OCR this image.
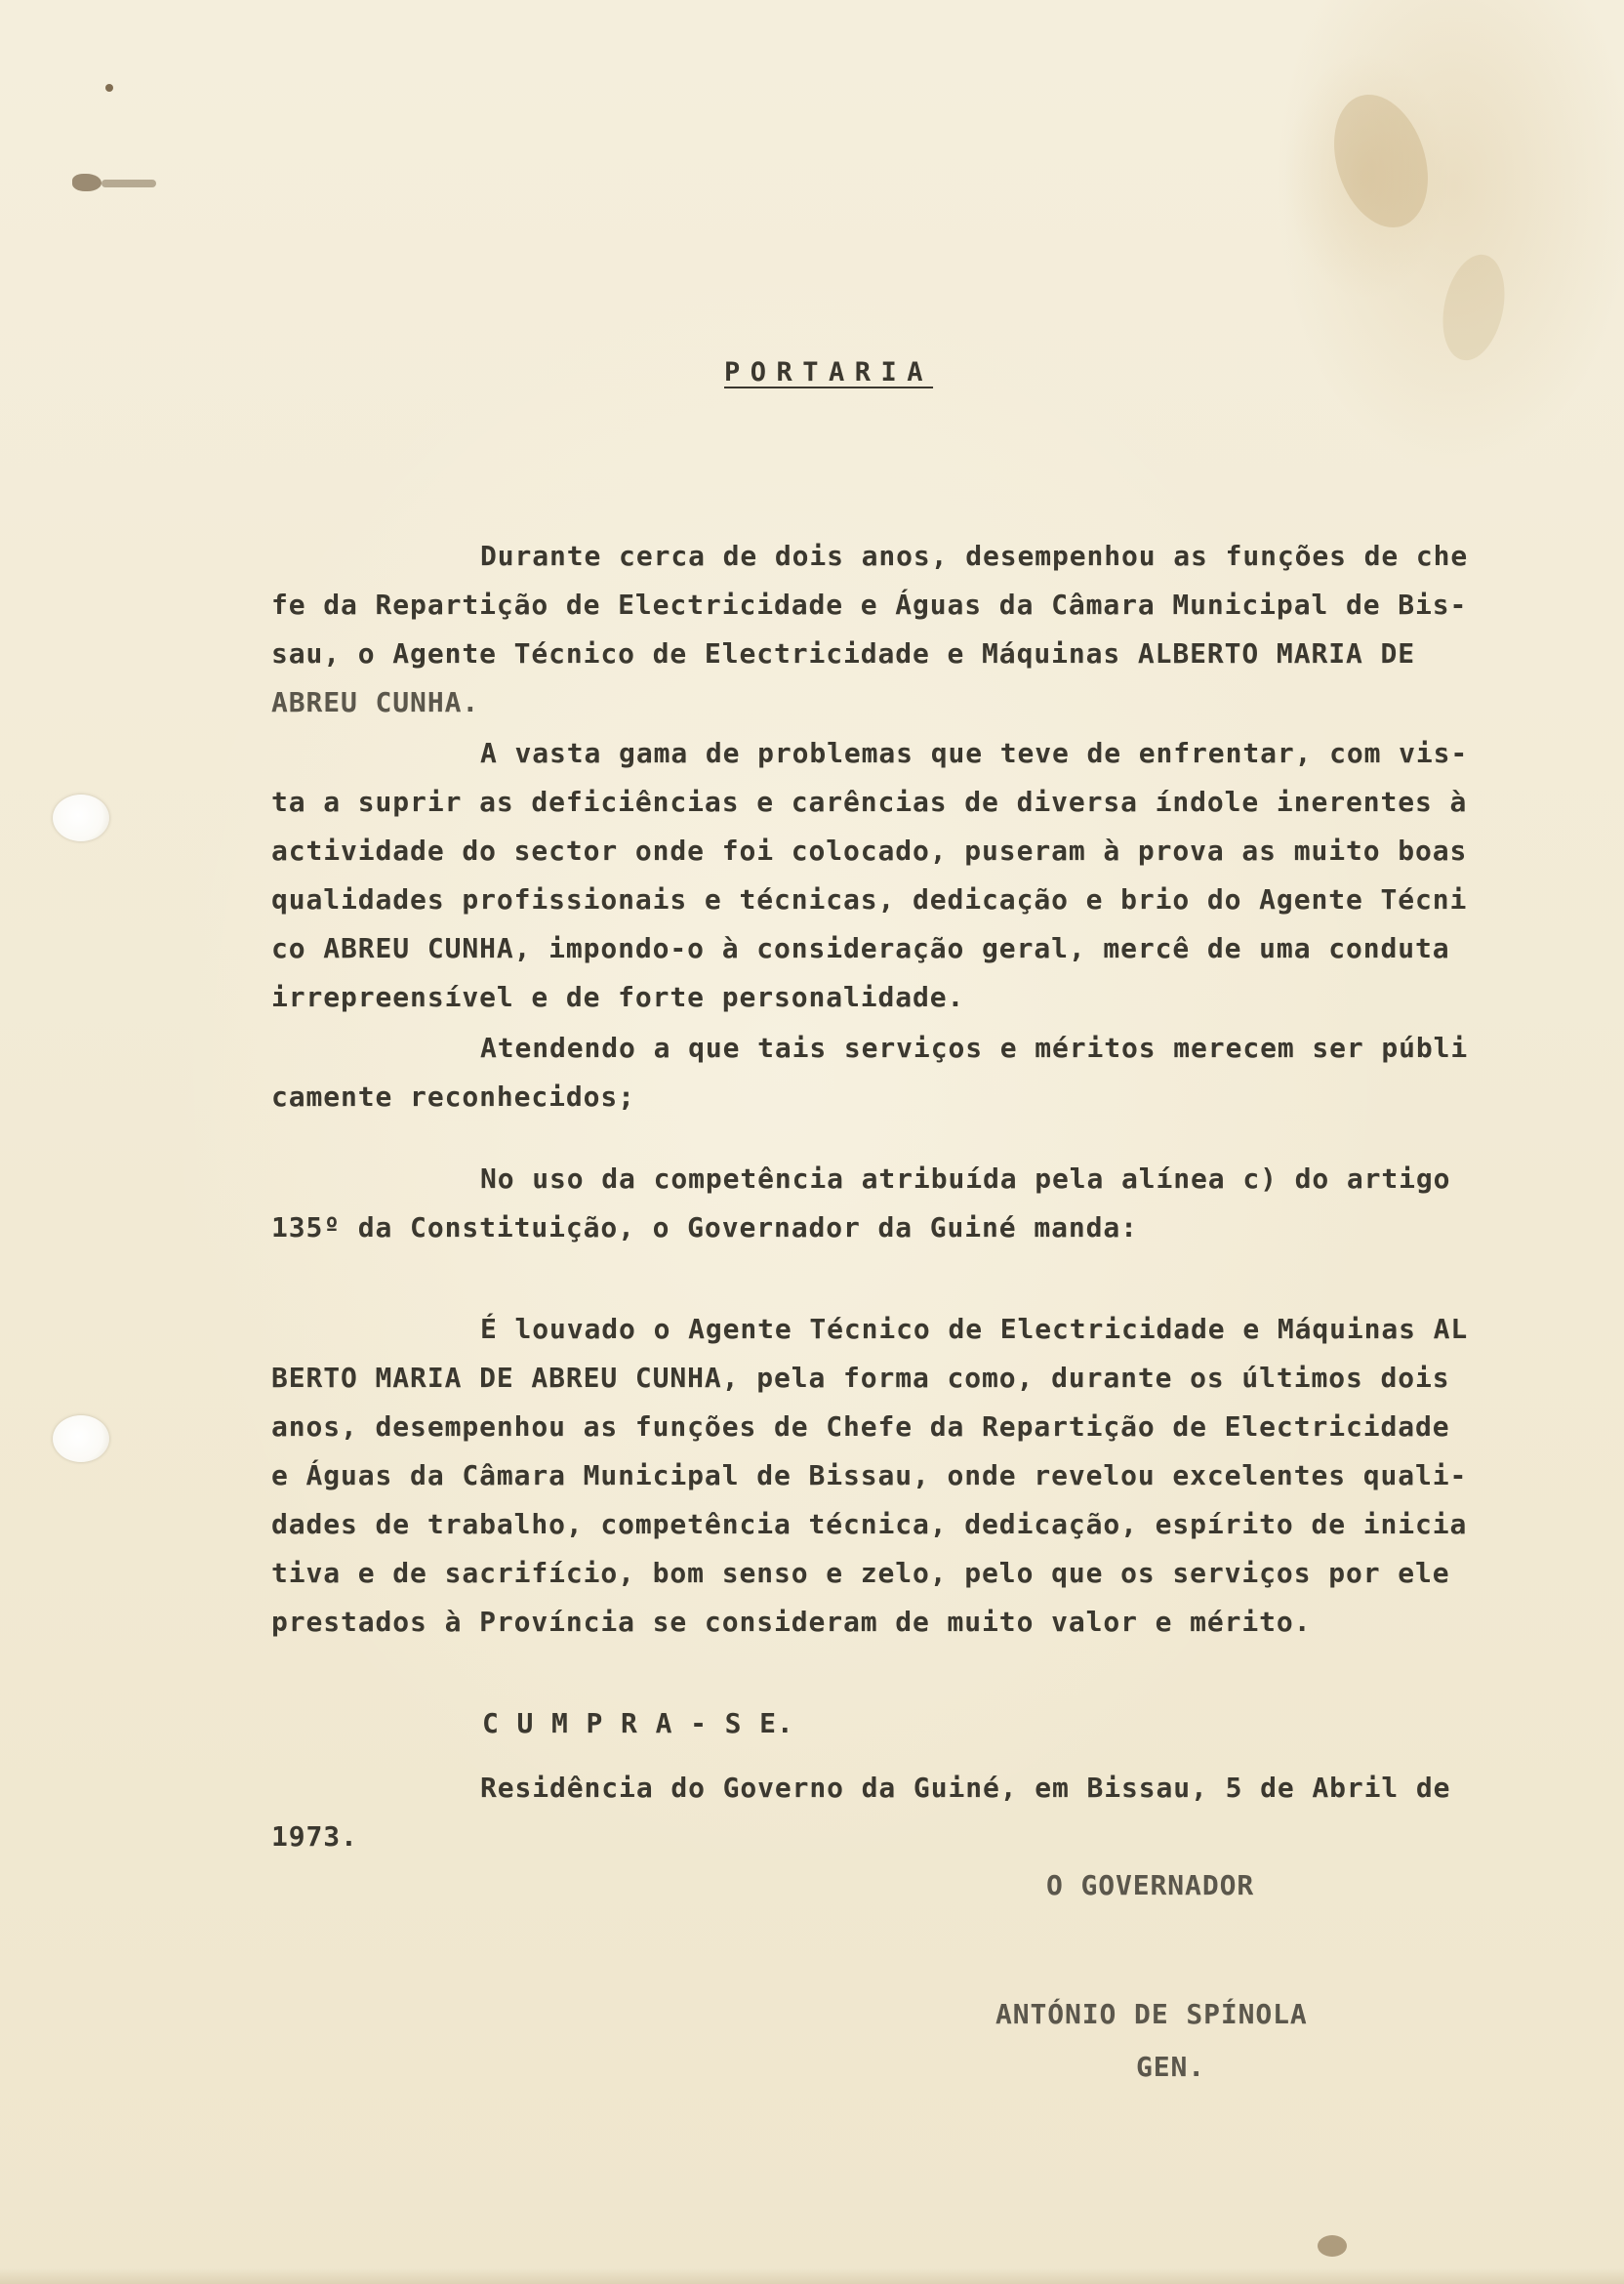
PORTARIA
Durante cerca de dois anos, desempenhou as funções de che
fe da Repartição de Electricidade e Águas da Câmara Municipal de Bis-
sau, o Agente Técnico de Electricidade e Máquinas ALBERTO MARIA DE
ABREU CUNHA.
A vasta gama de problemas que teve de enfrentar, com vis-
ta a suprir as deficiências e carências de diversa índole inerentes à
actividade do sector onde foi colocado, puseram à prova as muito boas
qualidades profissionais e técnicas, dedicação e brio do Agente Técni
co ABREU CUNHA, impondo-o à consideração geral, mercê de uma conduta
irrepreensível e de forte personalidade.
Atendendo a que tais serviços e méritos merecem ser públi
camente reconhecidos;
No uso da competência atribuída pela alínea c) do artigo
135º da Constituição, o Governador da Guiné manda:
É louvado o Agente Técnico de Electricidade e Máquinas AL
BERTO MARIA DE ABREU CUNHA, pela forma como, durante os últimos dois
anos, desempenhou as funções de Chefe da Repartição de Electricidade
e Águas da Câmara Municipal de Bissau, onde revelou excelentes quali-
dades de trabalho, competência técnica, dedicação, espírito de inicia
tiva e de sacrifício, bom senso e zelo, pelo que os serviços por ele
prestados à Província se consideram de muito valor e mérito.
C U M P R A - S E.
Residência do Governo da Guiné, em Bissau, 5 de Abril de
1973.
O GOVERNADOR
ANTÓNIO DE SPÍNOLA
GEN.
